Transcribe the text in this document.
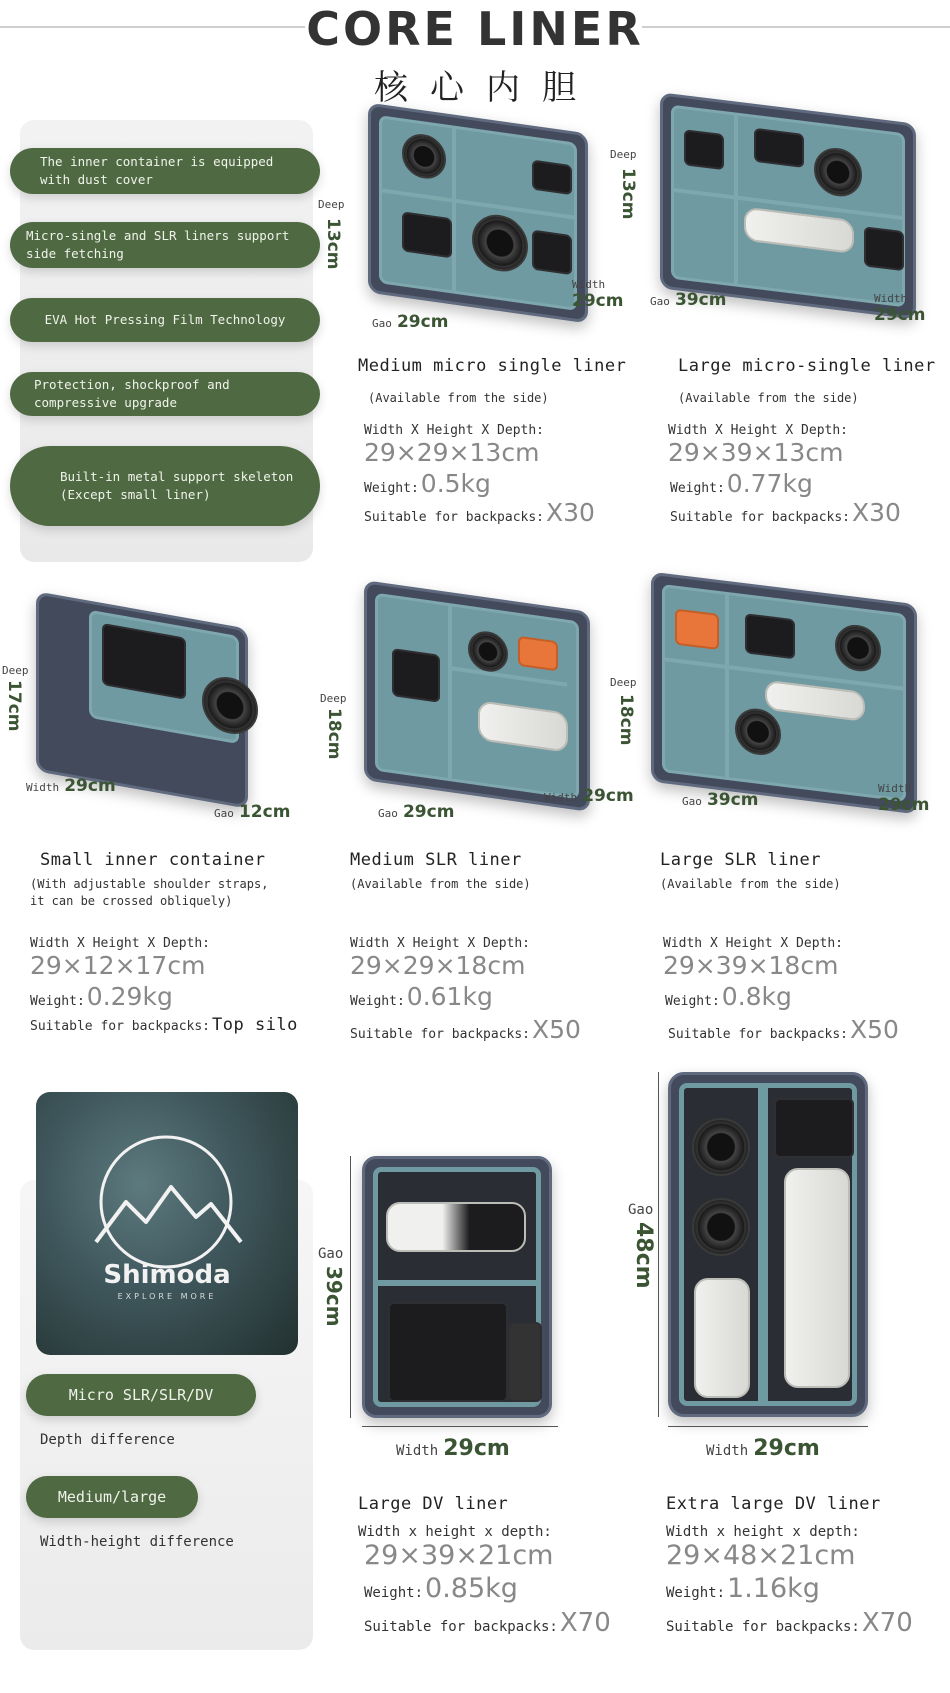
CORE LINER
核心内胆
The inner container is equipped with dust cover
Micro-single and SLR liners support side fetching
EVA Hot Pressing Film Technology
Protection, shockproof and compressive upgrade
Built-in metal support skeleton (Except small liner)
Deep
13cm
Width
29cm
Gao 29cm
Deep
13cm
Width
29cm
Gao 39cm
Medium micro single liner
(Available from the side)
Width X Height X Depth:
29×29×13cm
Weight: 0.5kg
Suitable for backpacks: X30
Large micro-single liner
(Available from the side)
Width X Height X Depth:
29×39×13cm
Weight: 0.77kg
Suitable for backpacks: X30
Deep
17cm
Width 29cm
Gao 12cm
Deep
18cm
Width 29cm
Gao 29cm
Deep
18cm
Width
29cm
Gao 39cm
Small inner container
(With adjustable shoulder straps, it can be crossed obliquely)
Width X Height X Depth:
29×12×17cm
Weight: 0.29kg
Suitable for backpacks: Top silo
Medium SLR liner
(Available from the side)
Width X Height X Depth:
29×29×18cm
Weight: 0.61kg
Suitable for backpacks: X50
Large SLR liner
(Available from the side)
Width X Height X Depth:
29×39×18cm
Weight: 0.8kg
Suitable for backpacks: X50
Shimoda
EXPLORE MORE
Micro SLR/SLR/DV
Depth difference
Medium/large
Width-height difference
Gao
39cm
Width 29cm
Gao
48cm
Width 29cm
Large DV liner
Width x height x depth:
29×39×21cm
Weight: 0.85kg
Suitable for backpacks: X70
Extra large DV liner
Width x height x depth:
29×48×21cm
Weight: 1.16kg
Suitable for backpacks: X70
